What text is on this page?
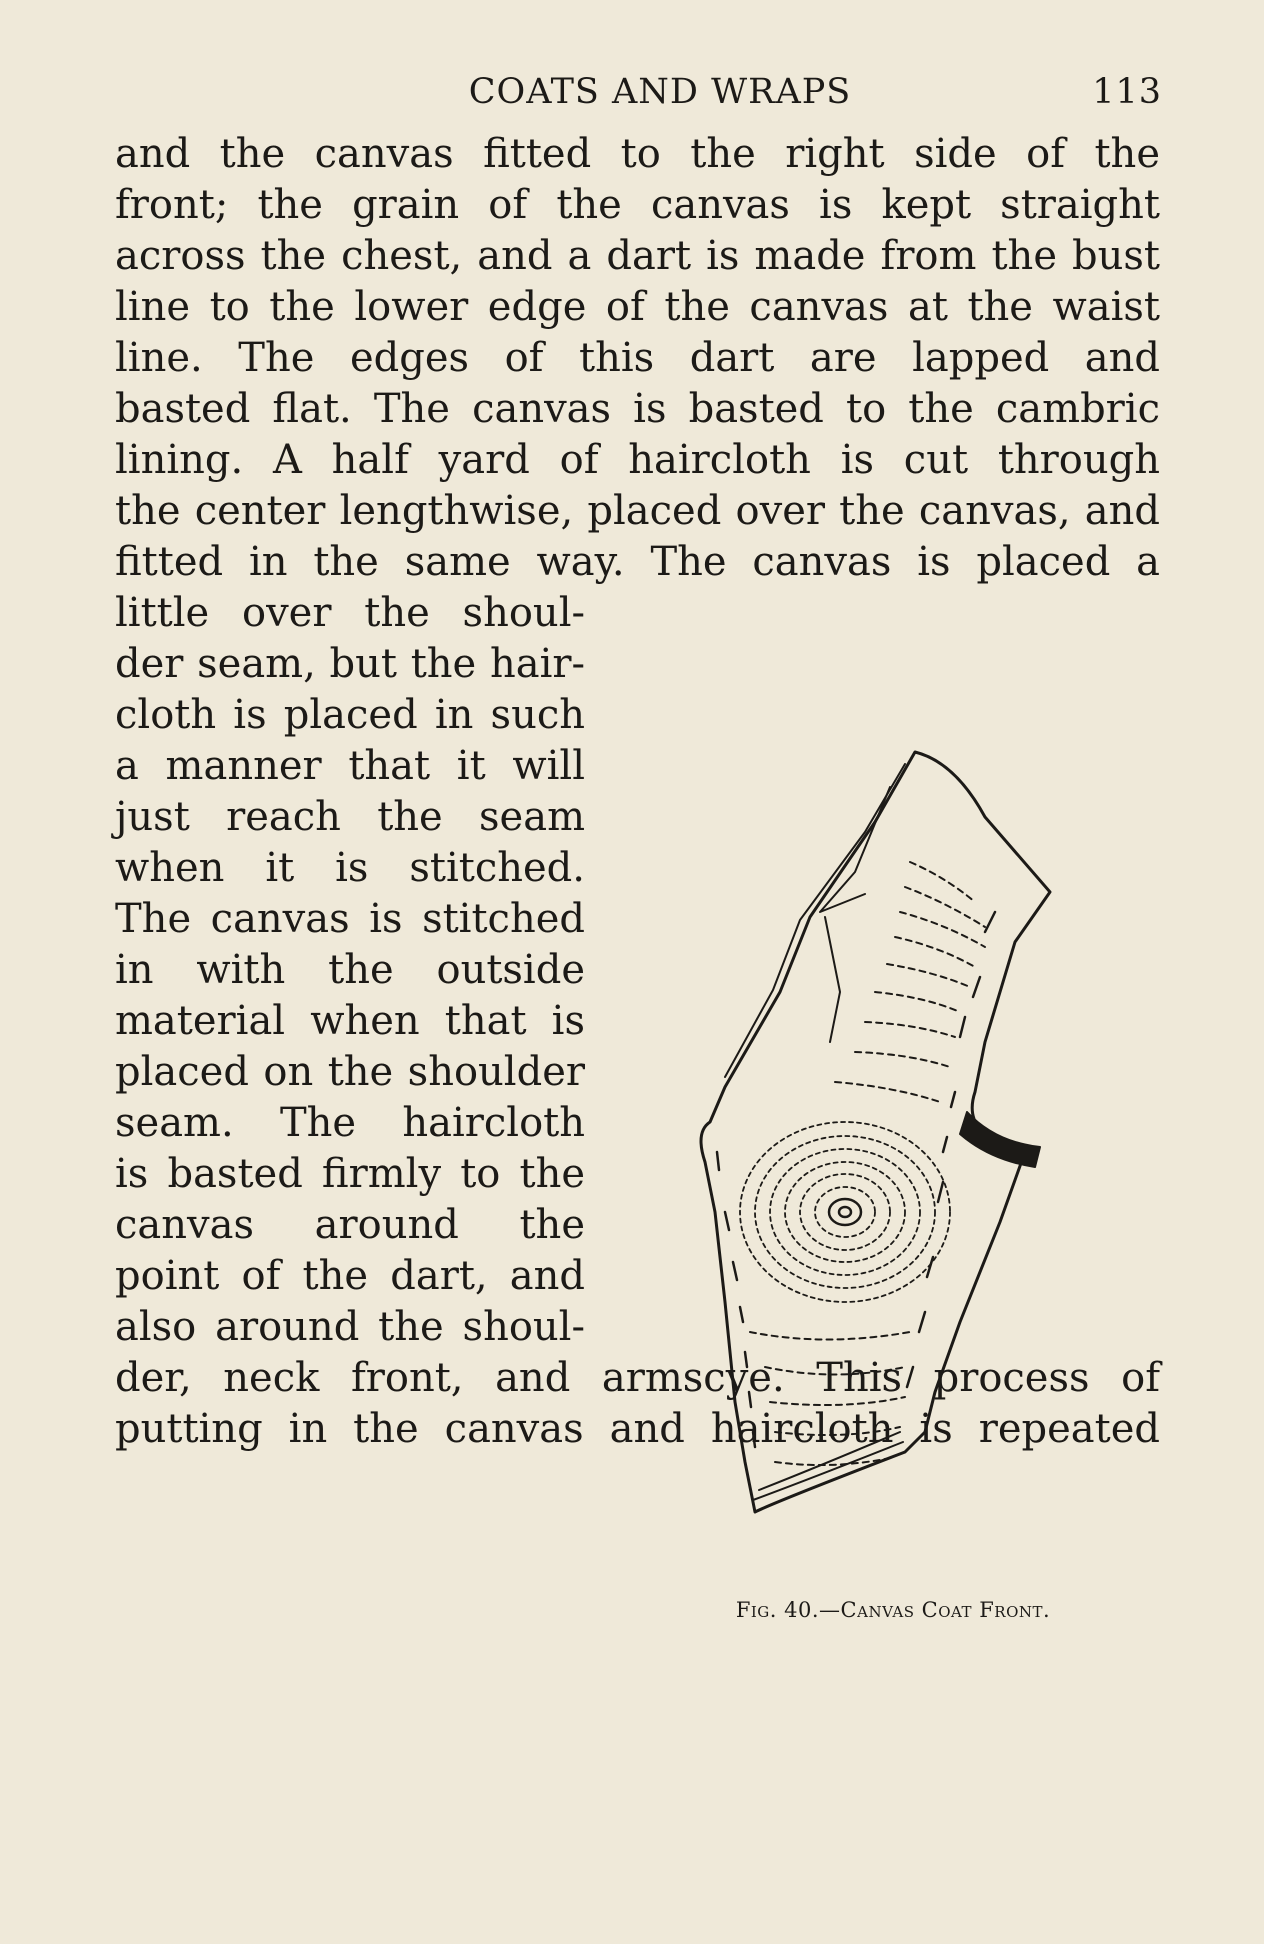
COATS AND WRAPS	113
and the canvas fitted to the right side of the
front; the grain of the canvas is kept straight
across the chest, and a dart is made from the bust
line to the lower edge of the canvas at the waist
line. The edges of this dart are lapped and
basted flat. The canvas is basted to the cambric
lining. A half yard of haircloth is cut through
the center lengthwise, placed over the canvas, and
fitted in the same way. The canvas is placed a
little over the shoul-
der seam, but the hair-
cloth is placed in such
a manner that it will
just reach the seam
when it is stitched.
The canvas is stitched
in with the outside
material when that is
placed on the shoulder
seam. The haircloth
is basted firmly to the
canvas around the
point of the dart, and
also around the shoul-
der, neck front, and armscye. This process of
putting in the canvas and haircloth is repeated
Fig. 40.—Canvas Coat Front.
